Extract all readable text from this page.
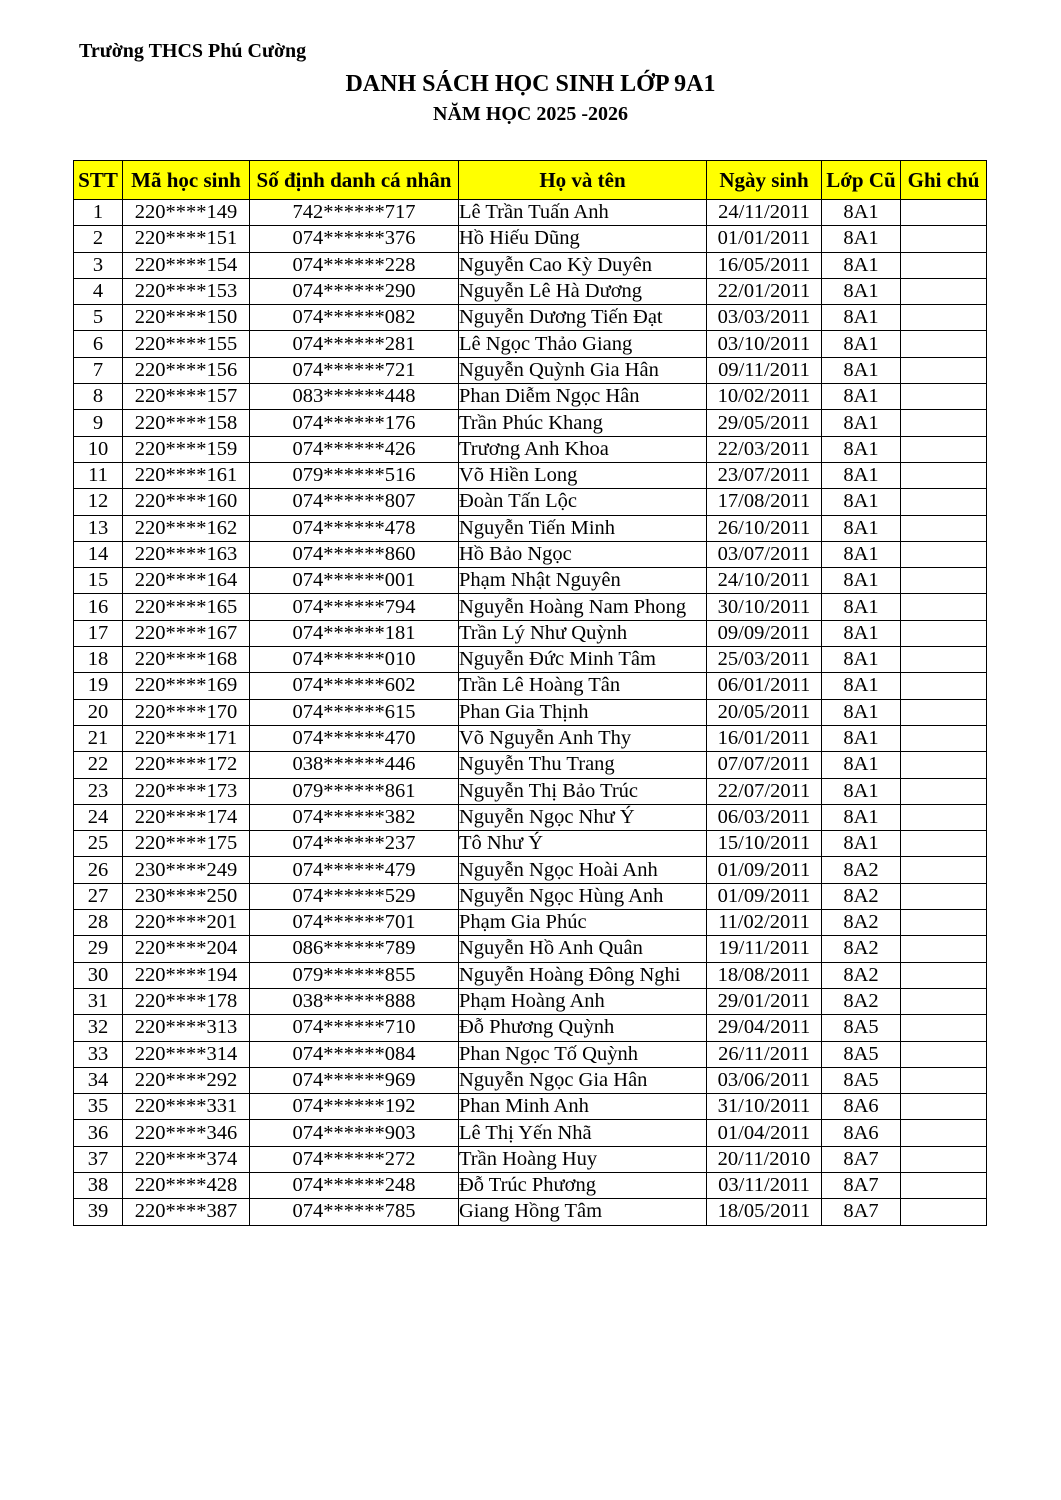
Trường THCS Phú Cường
DANH SÁCH HỌC SINH LỚP 9A1
NĂM HỌC 2025 -2026
STT	Mã học sinh	Số định danh cá nhân	Họ và tên	Ngày sinh	Lớp Cũ	Ghi chú
1	220****149	742******717	Lê Trần Tuấn Anh	24/11/2011	8A1	
2	220****151	074******376	Hồ Hiếu Dũng	01/01/2011	8A1	
3	220****154	074******228	Nguyễn Cao Kỳ Duyên	16/05/2011	8A1	
4	220****153	074******290	Nguyễn Lê Hà Dương	22/01/2011	8A1	
5	220****150	074******082	Nguyễn Dương Tiến Đạt	03/03/2011	8A1	
6	220****155	074******281	Lê Ngọc Thảo Giang	03/10/2011	8A1	
7	220****156	074******721	Nguyễn Quỳnh Gia Hân	09/11/2011	8A1	
8	220****157	083******448	Phan Diễm Ngọc Hân	10/02/2011	8A1	
9	220****158	074******176	Trần Phúc Khang	29/05/2011	8A1	
10	220****159	074******426	Trương Anh Khoa	22/03/2011	8A1	
11	220****161	079******516	Võ Hiền Long	23/07/2011	8A1	
12	220****160	074******807	Đoàn Tấn Lộc	17/08/2011	8A1	
13	220****162	074******478	Nguyễn Tiến Minh	26/10/2011	8A1	
14	220****163	074******860	Hồ Bảo Ngọc	03/07/2011	8A1	
15	220****164	074******001	Phạm Nhật Nguyên	24/10/2011	8A1	
16	220****165	074******794	Nguyễn Hoàng Nam Phong	30/10/2011	8A1	
17	220****167	074******181	Trần Lý Như Quỳnh	09/09/2011	8A1	
18	220****168	074******010	Nguyễn Đức Minh Tâm	25/03/2011	8A1	
19	220****169	074******602	Trần Lê Hoàng Tân	06/01/2011	8A1	
20	220****170	074******615	Phan Gia Thịnh	20/05/2011	8A1	
21	220****171	074******470	Võ Nguyễn Anh Thy	16/01/2011	8A1	
22	220****172	038******446	Nguyễn Thu Trang	07/07/2011	8A1	
23	220****173	079******861	Nguyễn Thị Bảo Trúc	22/07/2011	8A1	
24	220****174	074******382	Nguyễn Ngọc Như Ý	06/03/2011	8A1	
25	220****175	074******237	Tô Như Ý	15/10/2011	8A1	
26	230****249	074******479	Nguyễn Ngọc Hoài Anh	01/09/2011	8A2	
27	230****250	074******529	Nguyễn Ngọc Hùng Anh	01/09/2011	8A2	
28	220****201	074******701	Phạm Gia Phúc	11/02/2011	8A2	
29	220****204	086******789	Nguyễn Hồ Anh Quân	19/11/2011	8A2	
30	220****194	079******855	Nguyễn Hoàng Đông Nghi	18/08/2011	8A2	
31	220****178	038******888	Phạm Hoàng Anh	29/01/2011	8A2	
32	220****313	074******710	Đỗ Phương Quỳnh	29/04/2011	8A5	
33	220****314	074******084	Phan Ngọc Tố Quỳnh	26/11/2011	8A5	
34	220****292	074******969	Nguyễn Ngọc Gia Hân	03/06/2011	8A5	
35	220****331	074******192	Phan Minh Anh	31/10/2011	8A6	
36	220****346	074******903	Lê Thị Yến Nhã	01/04/2011	8A6	
37	220****374	074******272	Trần Hoàng Huy	20/11/2010	8A7	
38	220****428	074******248	Đỗ Trúc Phương	03/11/2011	8A7	
39	220****387	074******785	Giang Hồng Tâm	18/05/2011	8A7	
